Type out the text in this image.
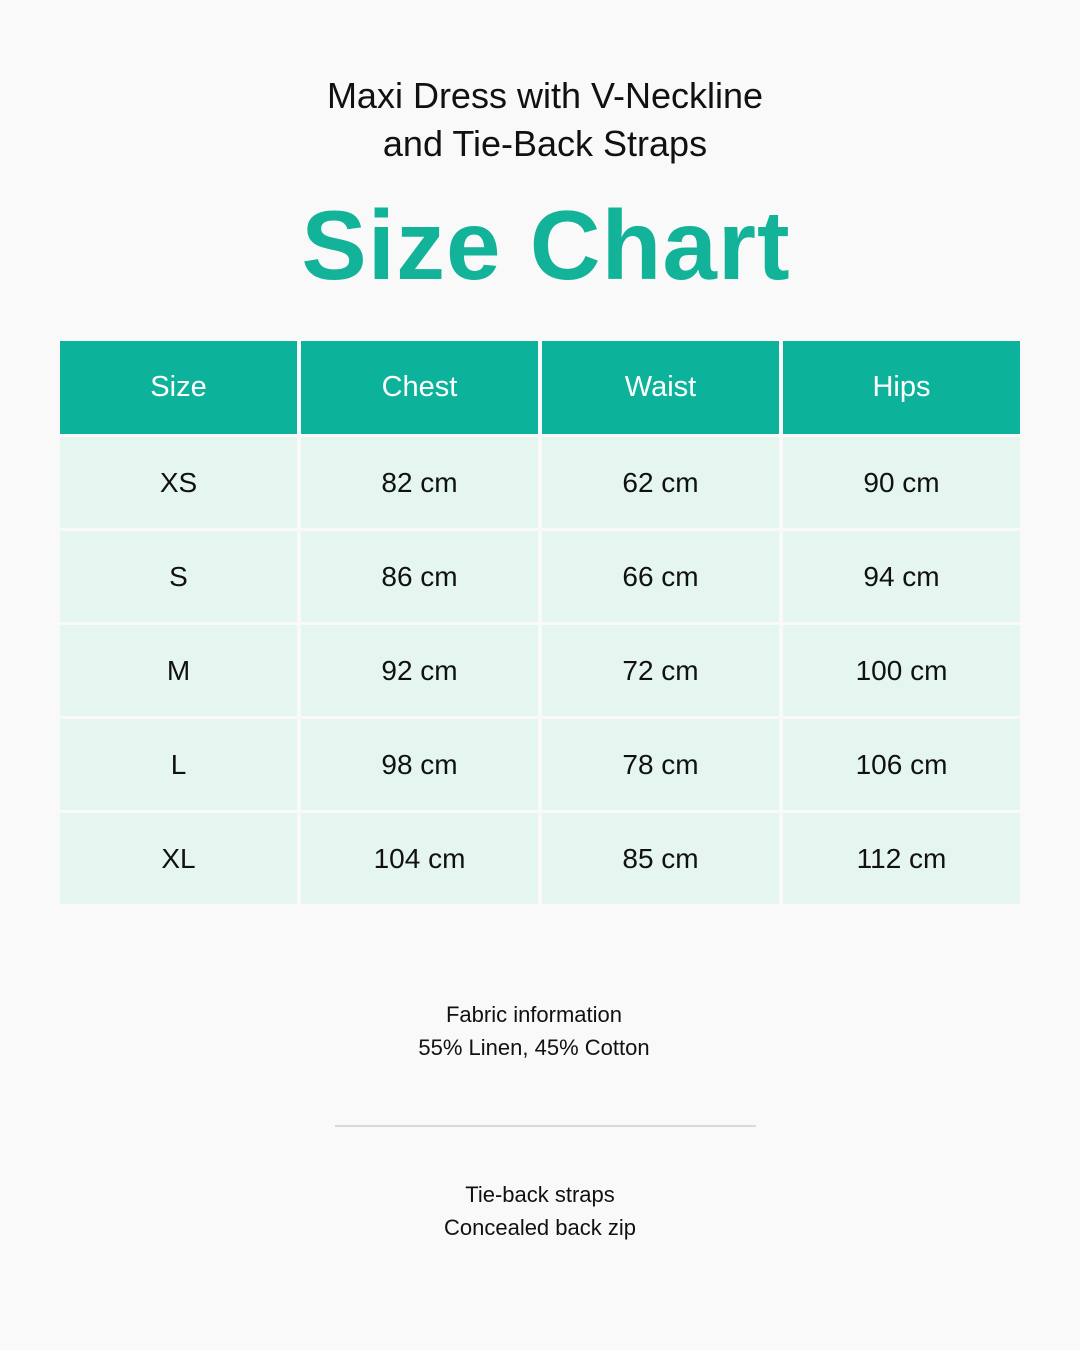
Maxi Dress with V-Neckline
and Tie-Back Straps
Size Chart
Size	Chest	Waist	Hips
XS	82 cm	62 cm	90 cm
S	86 cm	66 cm	94 cm
M	92 cm	72 cm	100 cm
L	98 cm	78 cm	106 cm
XL	104 cm	85 cm	112 cm
Fabric information
55% Linen, 45% Cotton
Tie-back straps
Concealed back zip
